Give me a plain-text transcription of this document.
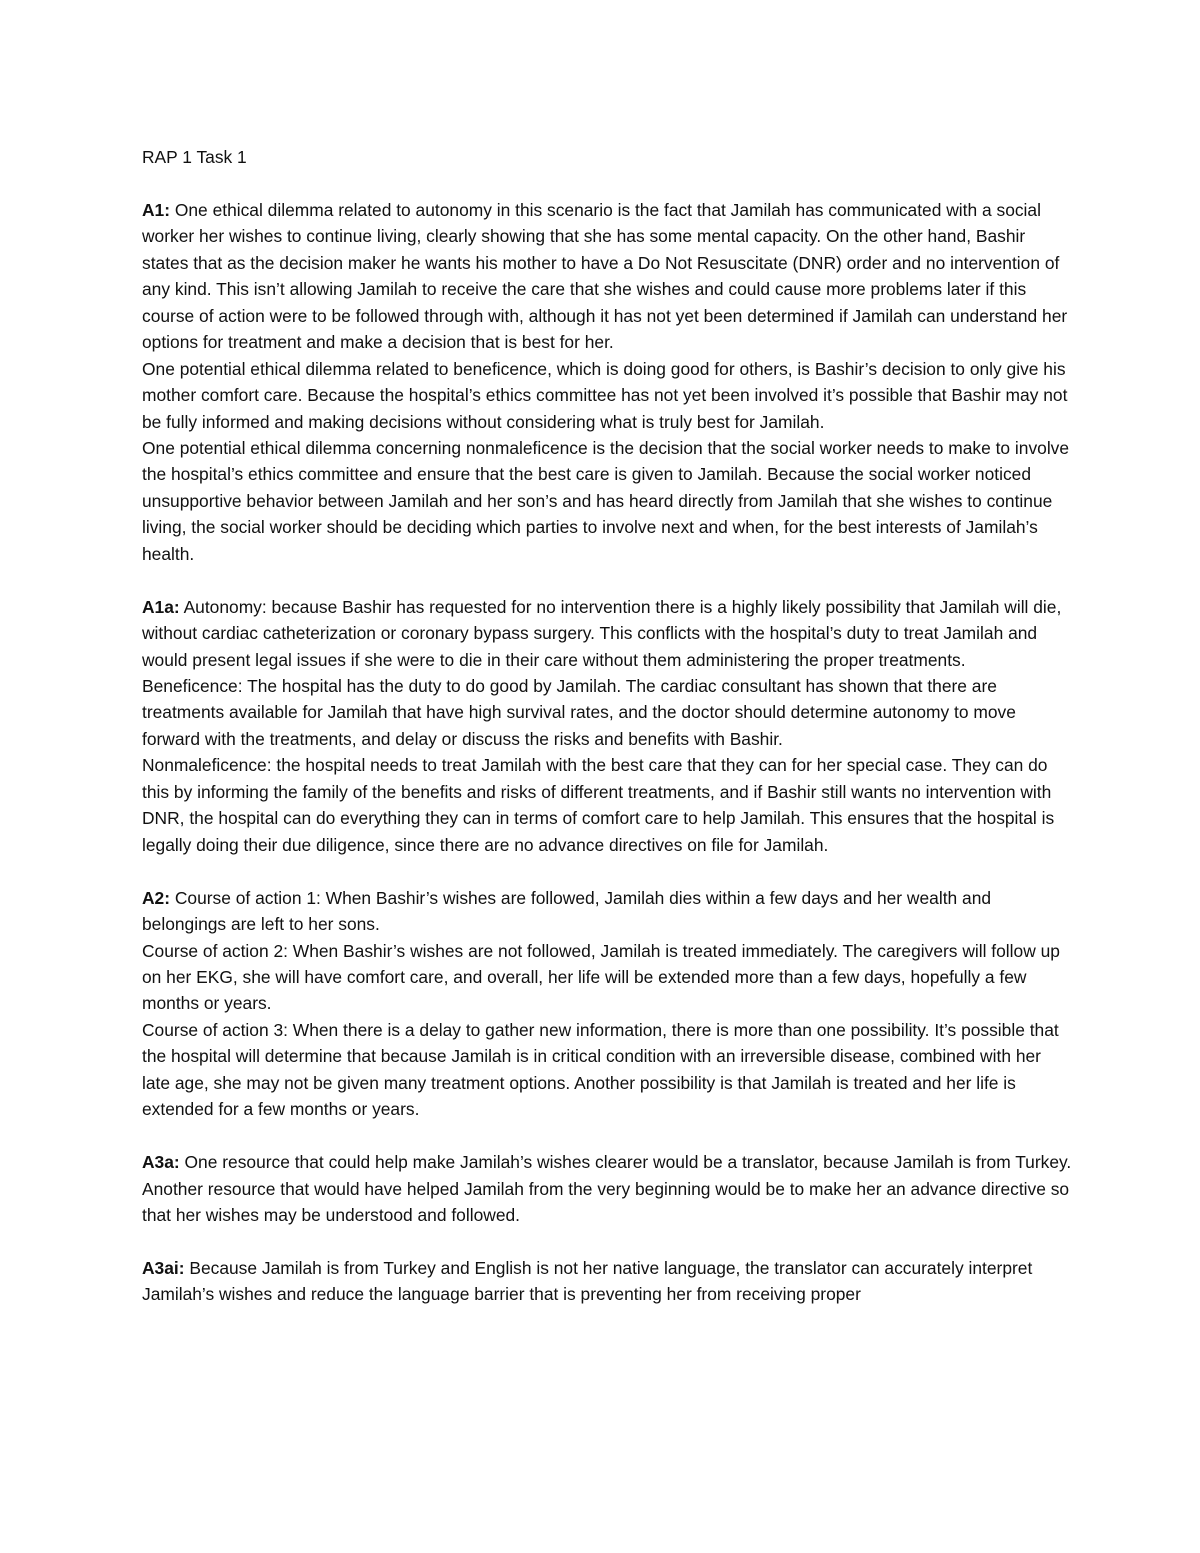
RAP 1 Task 1

A1: One ethical dilemma related to autonomy in this scenario is the fact that Jamilah has communicated with a social worker her wishes to continue living, clearly showing that she has some mental capacity. On the other hand, Bashir states that as the decision maker he wants his mother to have a Do Not Resuscitate (DNR) order and no intervention of any kind. This isn’t allowing Jamilah to receive the care that she wishes and could cause more problems later if this course of action were to be followed through with, although it has not yet been determined if Jamilah can understand her options for treatment and make a decision that is best for her.

One potential ethical dilemma related to beneficence, which is doing good for others, is Bashir’s decision to only give his mother comfort care. Because the hospital’s ethics committee has not yet been involved it’s possible that Bashir may not be fully informed and making decisions without considering what is truly best for Jamilah.

One potential ethical dilemma concerning nonmaleficence is the decision that the social worker needs to make to involve the hospital’s ethics committee and ensure that the best care is given to Jamilah. Because the social worker noticed unsupportive behavior between Jamilah and her son’s and has heard directly from Jamilah that she wishes to continue living, the social worker should be deciding which parties to involve next and when, for the best interests of Jamilah’s health.

A1a: Autonomy: because Bashir has requested for no intervention there is a highly likely possibility that Jamilah will die, without cardiac catheterization or coronary bypass surgery. This conflicts with the hospital’s duty to treat Jamilah and would present legal issues if she were to die in their care without them administering the proper treatments.

Beneficence: The hospital has the duty to do good by Jamilah. The cardiac consultant has shown that there are treatments available for Jamilah that have high survival rates, and the doctor should determine autonomy to move forward with the treatments, and delay or discuss the risks and benefits with Bashir.

Nonmaleficence: the hospital needs to treat Jamilah with the best care that they can for her special case. They can do this by informing the family of the benefits and risks of different treatments, and if Bashir still wants no intervention with DNR, the hospital can do everything they can in terms of comfort care to help Jamilah. This ensures that the hospital is legally doing their due diligence, since there are no advance directives on file for Jamilah.

A2: Course of action 1: When Bashir’s wishes are followed, Jamilah dies within a few days and her wealth and belongings are left to her sons.

Course of action 2: When Bashir’s wishes are not followed, Jamilah is treated immediately. The caregivers will follow up on her EKG, she will have comfort care, and overall, her life will be extended more than a few days, hopefully a few months or years.

Course of action 3: When there is a delay to gather new information, there is more than one possibility. It’s possible that the hospital will determine that because Jamilah is in critical condition with an irreversible disease, combined with her late age, she may not be given many treatment options. Another possibility is that Jamilah is treated and her life is extended for a few months or years.

A3a: One resource that could help make Jamilah’s wishes clearer would be a translator, because Jamilah is from Turkey. Another resource that would have helped Jamilah from the very beginning would be to make her an advance directive so that her wishes may be understood and followed.

A3ai: Because Jamilah is from Turkey and English is not her native language, the translator can accurately interpret Jamilah’s wishes and reduce the language barrier that is preventing her from receiving proper
